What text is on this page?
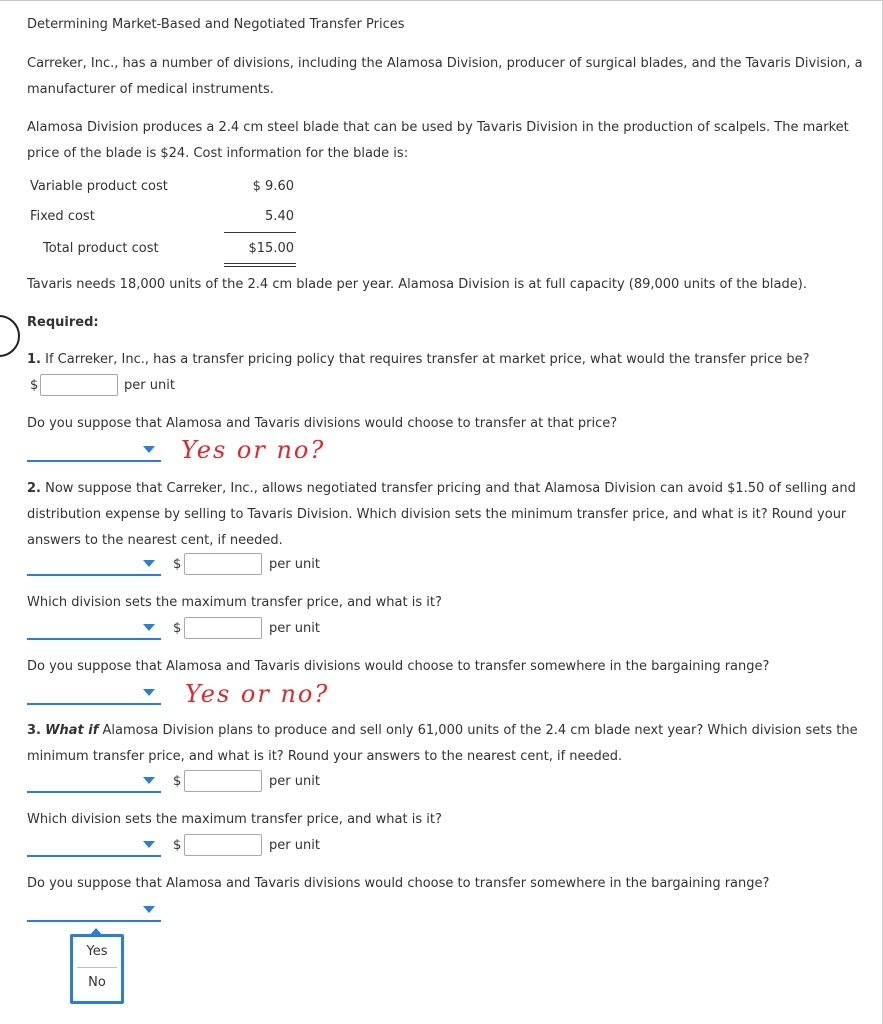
Determining Market-Based and Negotiated Transfer Prices
Carreker, Inc., has a number of divisions, including the Alamosa Division, producer of surgical blades, and the Tavaris Division, a manufacturer of medical instruments.
Alamosa Division produces a 2.4 cm steel blade that can be used by Tavaris Division in the production of scalpels. The market price of the blade is $24. Cost information for the blade is:
Variable product cost	$ 9.60
Fixed cost	5.40
Total product cost	$15.00
Tavaris needs 18,000 units of the 2.4 cm blade per year. Alamosa Division is at full capacity (89,000 units of the blade).
Required:
1. If Carreker, Inc., has a transfer pricing policy that requires transfer at market price, what would the transfer price be?
$	per unit
Do you suppose that Alamosa and Tavaris divisions would choose to transfer at that price?
Yes or no?
2. Now suppose that Carreker, Inc., allows negotiated transfer pricing and that Alamosa Division can avoid $1.50 of selling and distribution expense by selling to Tavaris Division. Which division sets the minimum transfer price, and what is it? Round your answers to the nearest cent, if needed.
$	per unit
Which division sets the maximum transfer price, and what is it?
$	per unit
Do you suppose that Alamosa and Tavaris divisions would choose to transfer somewhere in the bargaining range?
Yes or no?
3. What if Alamosa Division plans to produce and sell only 61,000 units of the 2.4 cm blade next year? Which division sets the minimum transfer price, and what is it? Round your answers to the nearest cent, if needed.
$	per unit
Which division sets the maximum transfer price, and what is it?
$	per unit
Do you suppose that Alamosa and Tavaris divisions would choose to transfer somewhere in the bargaining range?
Yes
No
